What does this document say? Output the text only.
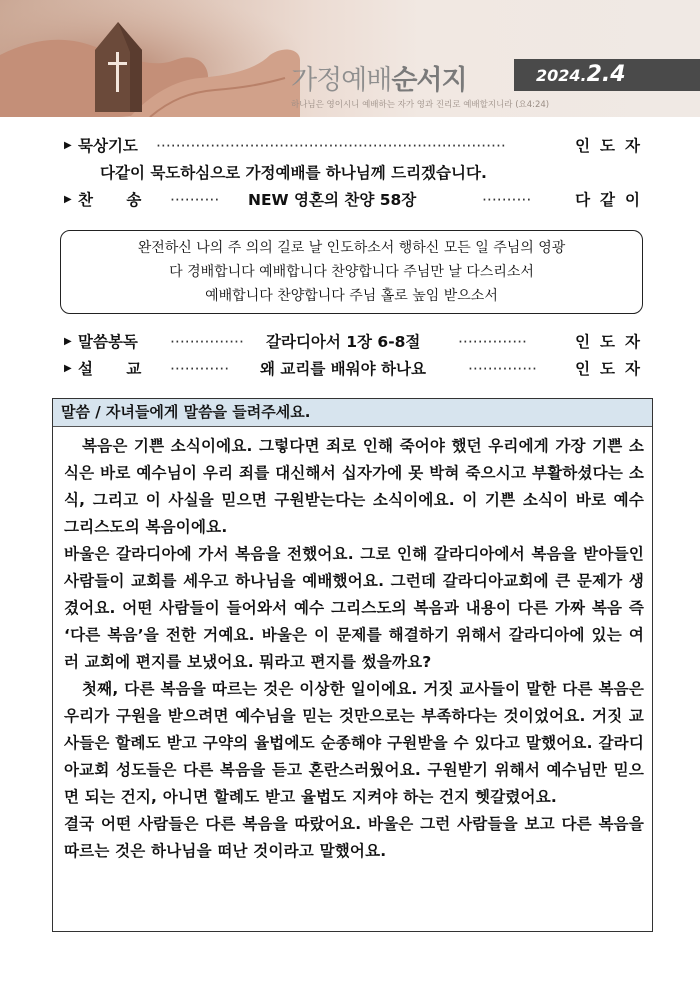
가정예배순서지	2024.2.4
하나님은 영이시니 예배하는 자가 영과 진리로 예배할지니라 (요4:24)
▶ 묵상기도 ·······································································	인도자
다같이 묵도하심으로 가정예배를 하나님께 드리겠습니다.
▶ 찬 송 ··········	NEW 영혼의 찬양 58장	··········	다같이
완전하신 나의 주 의의 길로 날 인도하소서 행하신 모든 일 주님의 영광
다 경배합니다 예배합니다 찬양합니다 주님만 날 다스리소서
예배합니다 찬양합니다 주님 홀로 높임 받으소서
▶ 말씀봉독 ···············	갈라디아서 1장 6-8절 ··············	인도자
▶ 설 교 ············	왜 교리를 배워야 하나요	··············	인도자
말씀 / 자녀들에게 말씀을 들려주세요.

복음은 기쁜 소식이에요. 그렇다면 죄로 인해 죽어야 했던 우리에게 가장 기쁜 소식은 바로 예수님이 우리 죄를 대신해서 십자가에 못 박혀 죽으시고 부활하셨다는 소식, 그리고 이 사실을 믿으면 구원받는다는 소식이에요. 이 기쁜 소식이 바로 예수 그리스도의 복음이에요.

바울은 갈라디아에 가서 복음을 전했어요. 그로 인해 갈라디아에서 복음을 받아들인 사람들이 교회를 세우고 하나님을 예배했어요. 그런데 갈라디아교회에 큰 문제가 생겼어요. 어떤 사람들이 들어와서 예수 그리스도의 복음과 내용이 다른 가짜 복음 즉 ‘다른 복음’을 전한 거예요. 바울은 이 문제를 해결하기 위해서 갈라디아에 있는 여러 교회에 편지를 보냈어요. 뭐라고 편지를 썼을까요?

첫째, 다른 복음을 따르는 것은 이상한 일이에요. 거짓 교사들이 말한 다른 복음은 우리가 구원을 받으려면 예수님을 믿는 것만으로는 부족하다는 것이었어요. 거짓 교사들은 할례도 받고 구약의 율법에도 순종해야 구원받을 수 있다고 말했어요. 갈라디아교회 성도들은 다른 복음을 듣고 혼란스러웠어요. 구원받기 위해서 예수님만 믿으면 되는 건지, 아니면 할례도 받고 율법도 지켜야 하는 건지 헷갈렸어요.

결국 어떤 사람들은 다른 복음을 따랐어요. 바울은 그런 사람들을 보고 다른 복음을 따르는 것은 하나님을 떠난 것이라고 말했어요.
